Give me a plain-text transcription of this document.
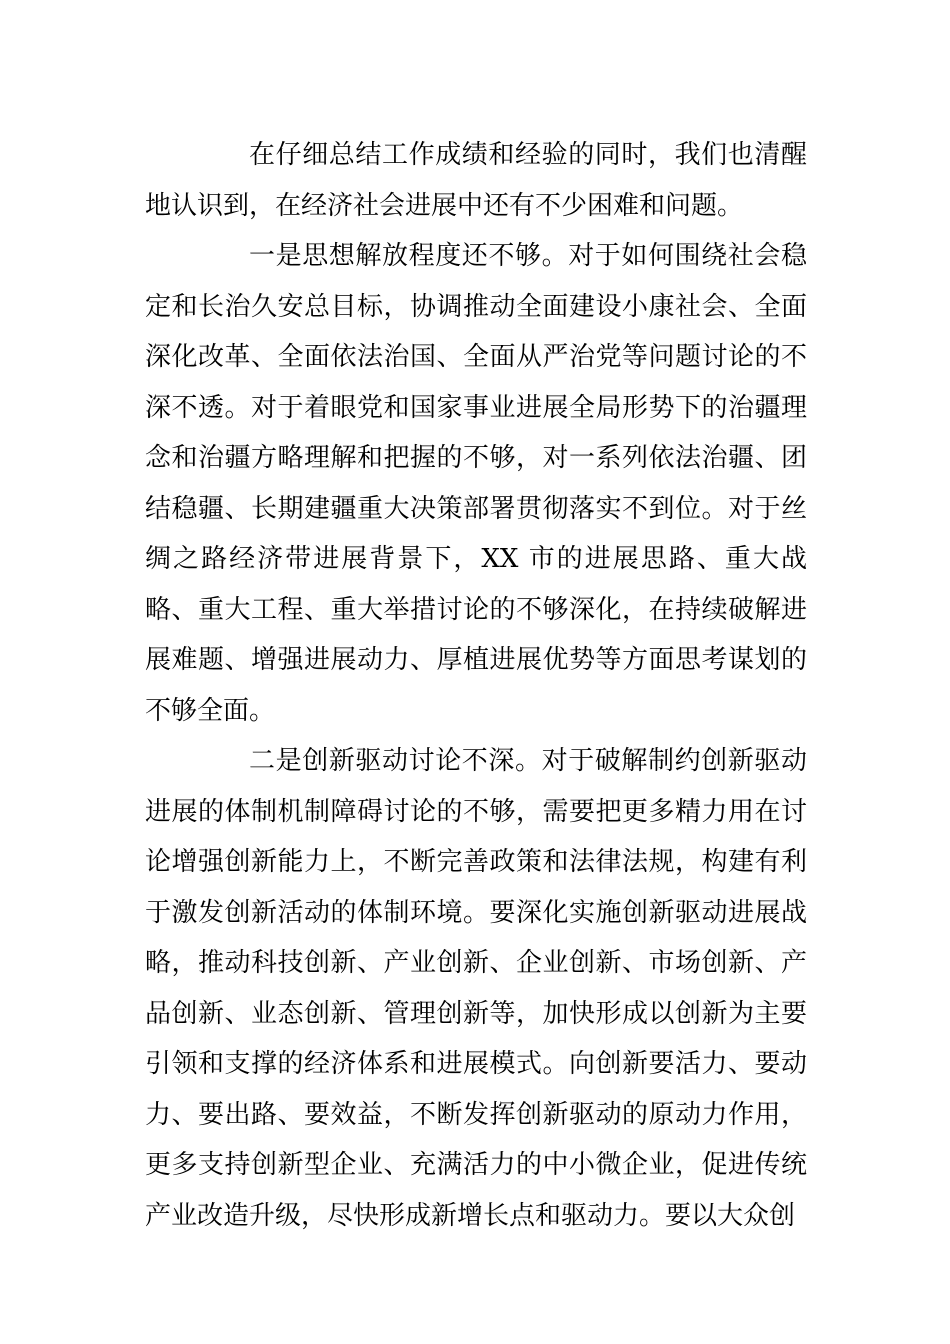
在仔细总结工作成绩和经验的同时，我们也清醒地认识到，在经济社会进展中还有不少困难和问题。

一是思想解放程度还不够。对于如何围绕社会稳定和长治久安总目标，协调推动全面建设小康社会、全面深化改革、全面依法治国、全面从严治党等问题讨论的不深不透。对于着眼党和国家事业进展全局形势下的治疆理念和治疆方略理解和把握的不够，对一系列依法治疆、团结稳疆、长期建疆重大决策部署贯彻落实不到位。对于丝绸之路经济带进展背景下，XX 市的进展思路、重大战略、重大工程、重大举措讨论的不够深化，在持续破解进展难题、增强进展动力、厚植进展优势等方面思考谋划的不够全面。

二是创新驱动讨论不深。对于破解制约创新驱动进展的体制机制障碍讨论的不够，需要把更多精力用在讨论增强创新能力上，不断完善政策和法律法规，构建有利于激发创新活动的体制环境。要深化实施创新驱动进展战略，推动科技创新、产业创新、企业创新、市场创新、产品创新、业态创新、管理创新等，加快形成以创新为主要引领和支撑的经济体系和进展模式。向创新要活力、要动力、要出路、要效益，不断发挥创新驱动的原动力作用，更多支持创新型企业、充满活力的中小微企业，促进传统产业改造升级，尽快形成新增长点和驱动力。要以大众创
